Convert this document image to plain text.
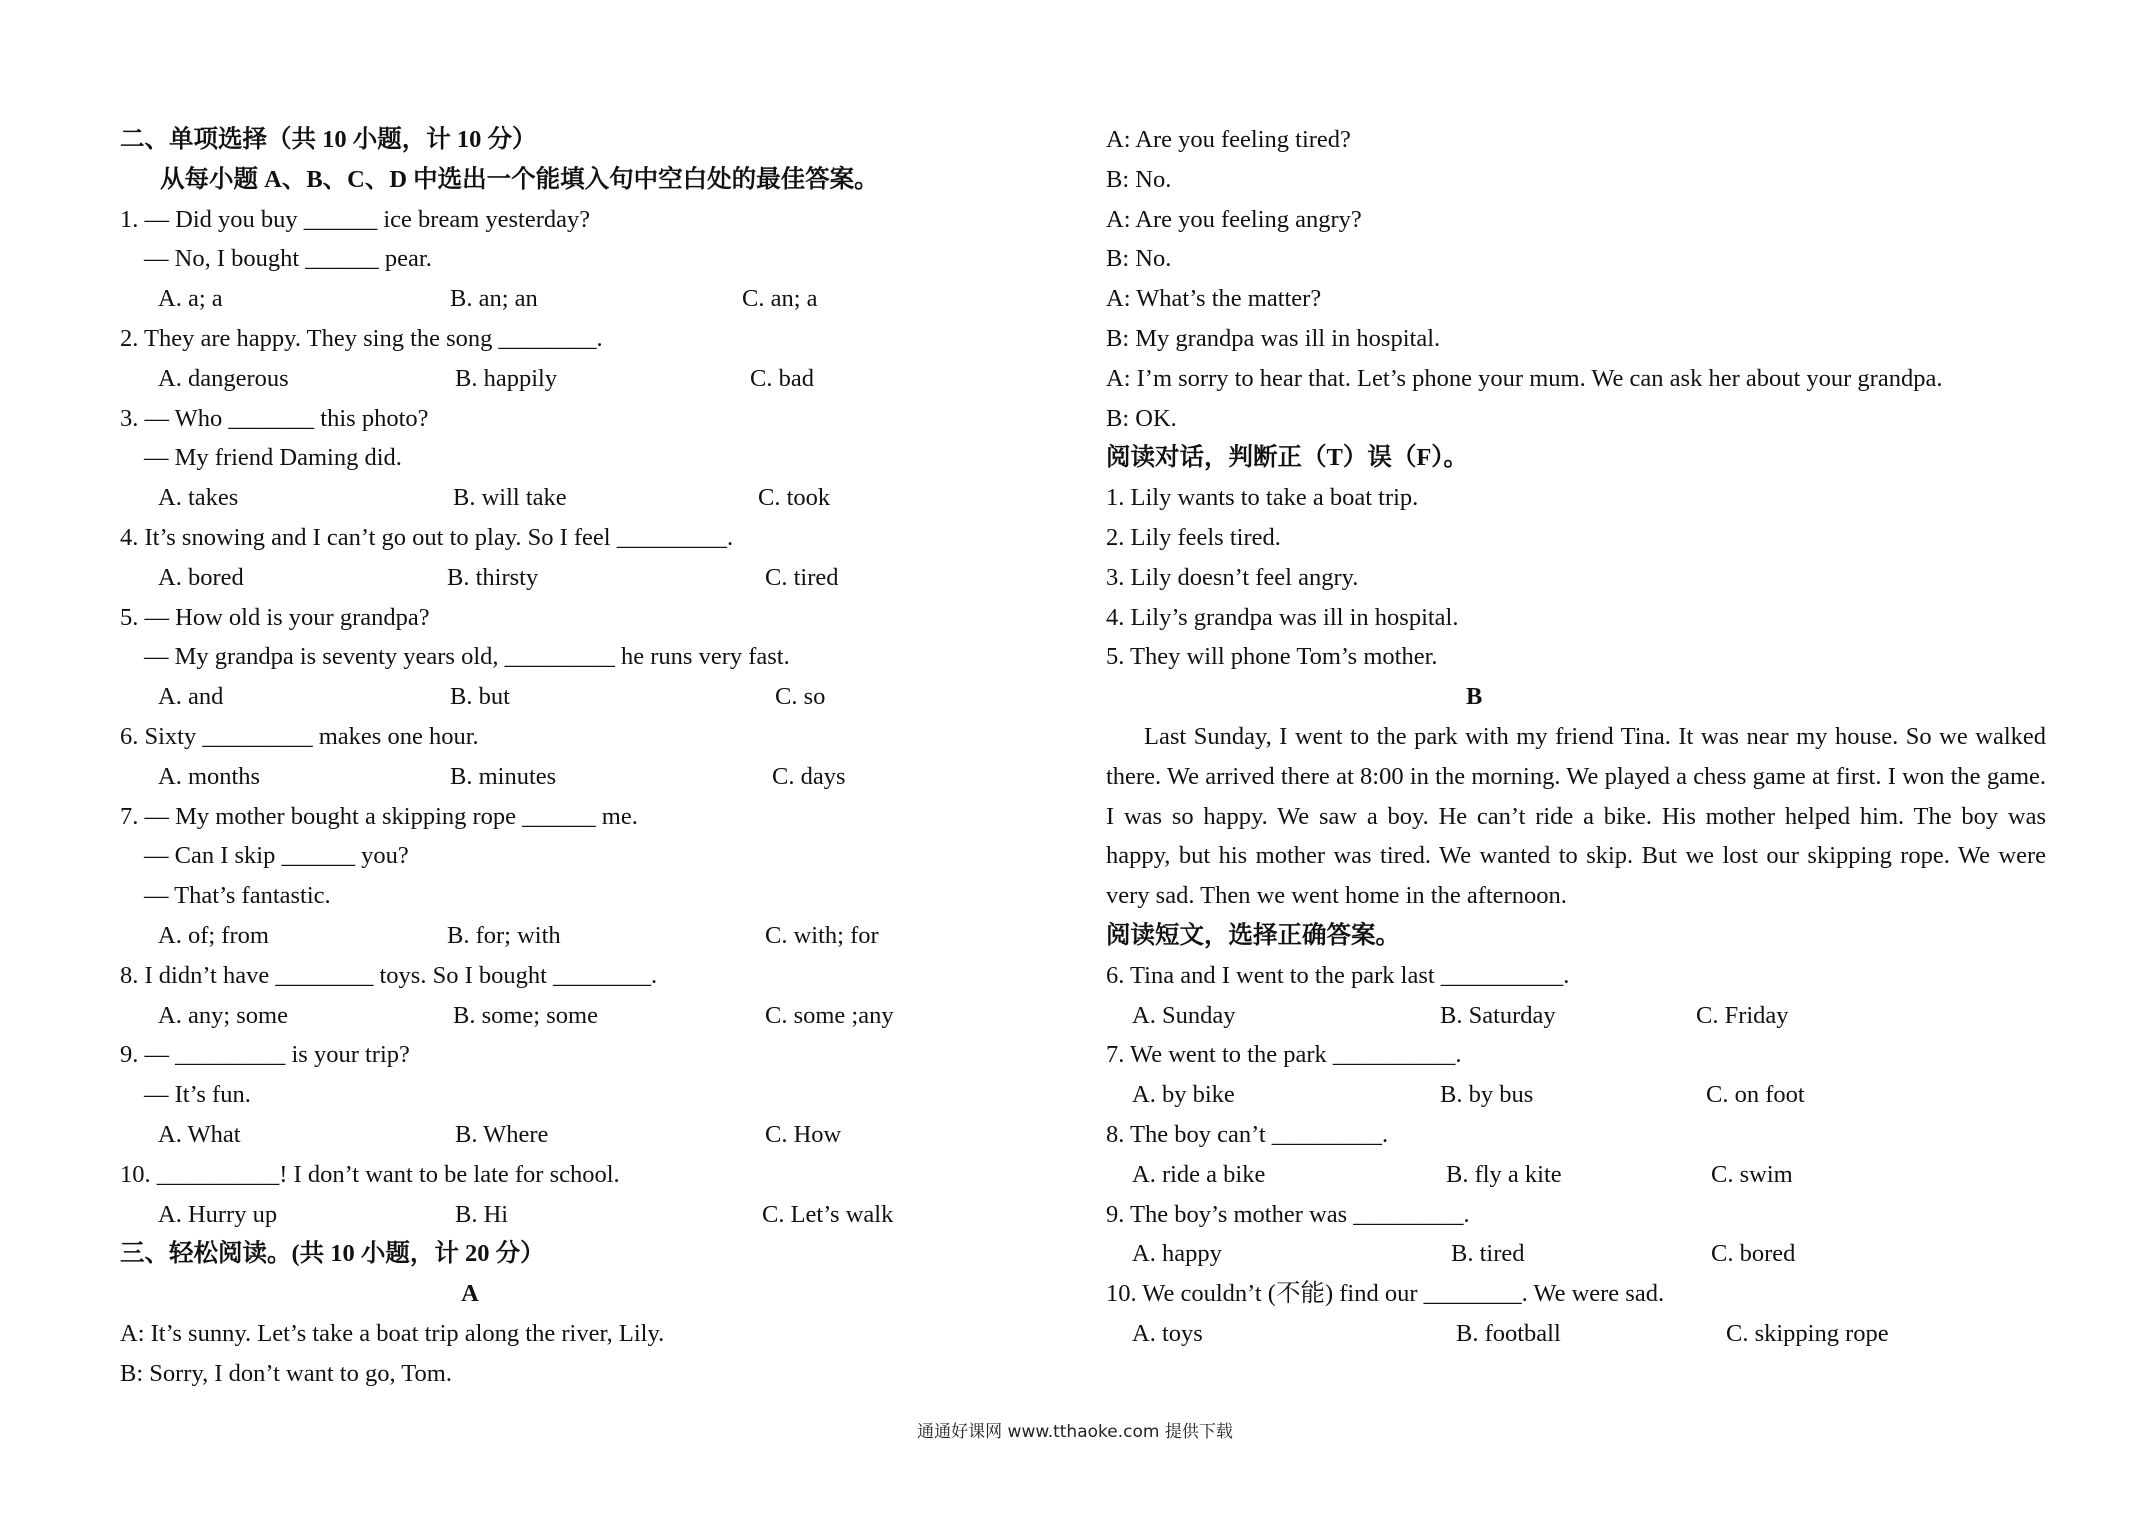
二、单项选择（共 10 小题，计 10 分）
从每小题 A、B、C、D 中选出一个能填入句中空白处的最佳答案。
1. — Did you buy ______ ice bream yesterday?
— No, I bought ______ pear.
A. a; a	B. an; an	C. an; a
2. They are happy. They sing the song ________.
A. dangerous	B. happily	C. bad
3. — Who _______ this photo?
— My friend Daming did.
A. takes	B. will take	C. took
4. It’s snowing and I can’t go out to play. So I feel _________.
A. bored	B. thirsty	C. tired
5. — How old is your grandpa?
— My grandpa is seventy years old, _________ he runs very fast.
A. and	B. but	C. so
6. Sixty _________ makes one hour.
A. months	B. minutes	C. days
7. — My mother bought a skipping rope ______ me.
— Can I skip ______ you?
— That’s fantastic.
A. of; from	B. for; with	C. with; for
8. I didn’t have ________ toys. So I bought ________.
A. any; some	B. some; some	C. some ;any
9. — _________ is your trip?
— It’s fun.
A. What	B. Where	C. How
10. __________! I don’t want to be late for school.
A. Hurry up	B. Hi	C. Let’s walk
三、轻松阅读。(共 10 小题，计 20 分）
A
A: It’s sunny. Let’s take a boat trip along the river, Lily.
B: Sorry, I don’t want to go, Tom.
A: Are you feeling tired?
B: No.
A: Are you feeling angry?
B: No.
A: What’s the matter?
B: My grandpa was ill in hospital.
A: I’m sorry to hear that. Let’s phone your mum. We can ask her about your grandpa.
B: OK.
阅读对话，判断正（T）误（F）。
1. Lily wants to take a boat trip.
2. Lily feels tired.
3. Lily doesn’t feel angry.
4. Lily’s grandpa was ill in hospital.
5. They will phone Tom’s mother.
B

Last Sunday, I went to the park with my friend Tina. It was near my house. So we walked there. We arrived there at 8:00 in the morning. We played a chess game at first. I won the game. I was so happy. We saw a boy. He can’t ride a bike. His mother helped him. The boy was happy, but his mother was tired. We wanted to skip. But we lost our skipping rope. We were very sad. Then we went home in the afternoon.

阅读短文，选择正确答案。
6. Tina and I went to the park last __________.
A. Sunday	B. Saturday	C. Friday
7. We went to the park __________.
A. by bike	B. by bus	C. on foot
8. The boy can’t _________.
A. ride a bike	B. fly a kite	C. swim
9. The boy’s mother was _________.
A. happy	B. tired	C. bored
10. We couldn’t (不能) find our ________. We were sad.
A. toys	B. football	C. skipping rope
通通好课网 www.tthaoke.com 提供下载
